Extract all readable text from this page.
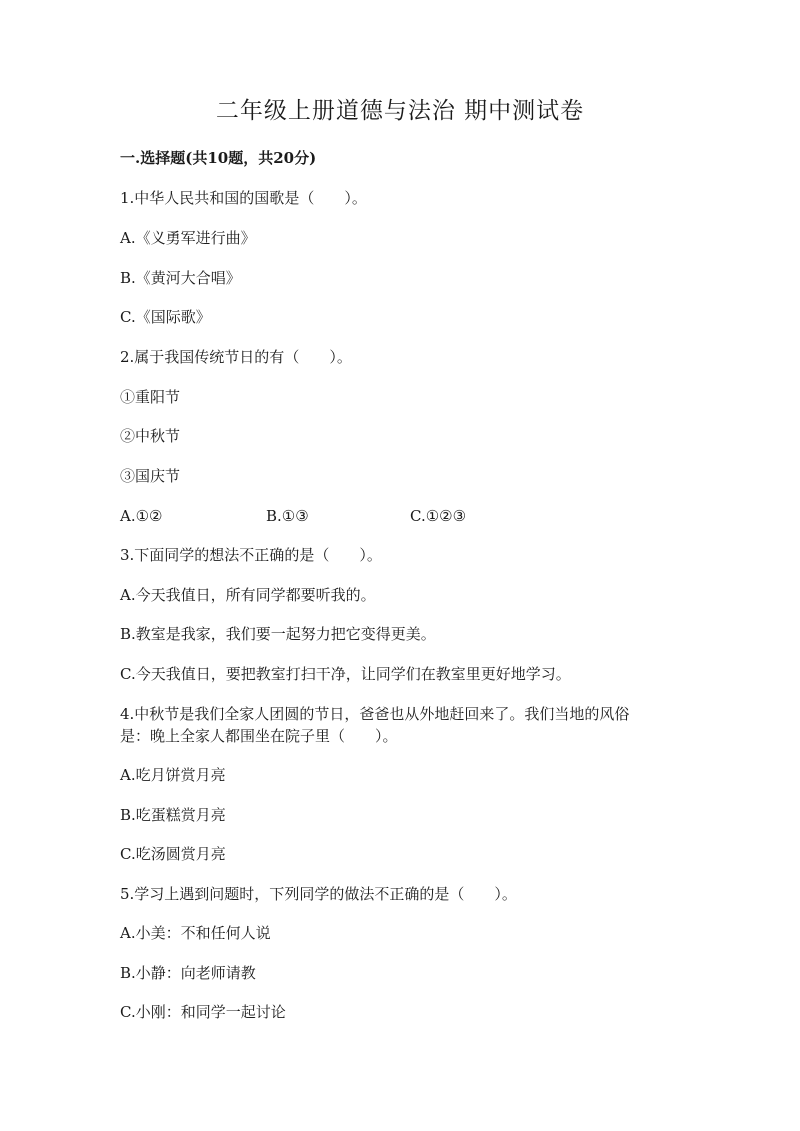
二年级上册道德与法治 期中测试卷
一.选择题(共10题，共20分)
1.中华人民共和国的国歌是（　　）。
A.《义勇军进行曲》
B.《黄河大合唱》
C.《国际歌》
2.属于我国传统节日的有（　　）。
①重阳节
②中秋节
③国庆节
A.①②	B.①③	C.①②③
3.下面同学的想法不正确的是（　　）。
A.今天我值日，所有同学都要听我的。
B.教室是我家，我们要一起努力把它变得更美。
C.今天我值日，要把教室打扫干净，让同学们在教室里更好地学习。
4.中秋节是我们全家人团圆的节日，爸爸也从外地赶回来了。我们当地的风俗
是：晚上全家人都围坐在院子里（　　）。
A.吃月饼赏月亮
B.吃蛋糕赏月亮
C.吃汤圆赏月亮
5.学习上遇到问题时，下列同学的做法不正确的是（　　）。
A.小美：不和任何人说
B.小静：向老师请教
C.小刚：和同学一起讨论
